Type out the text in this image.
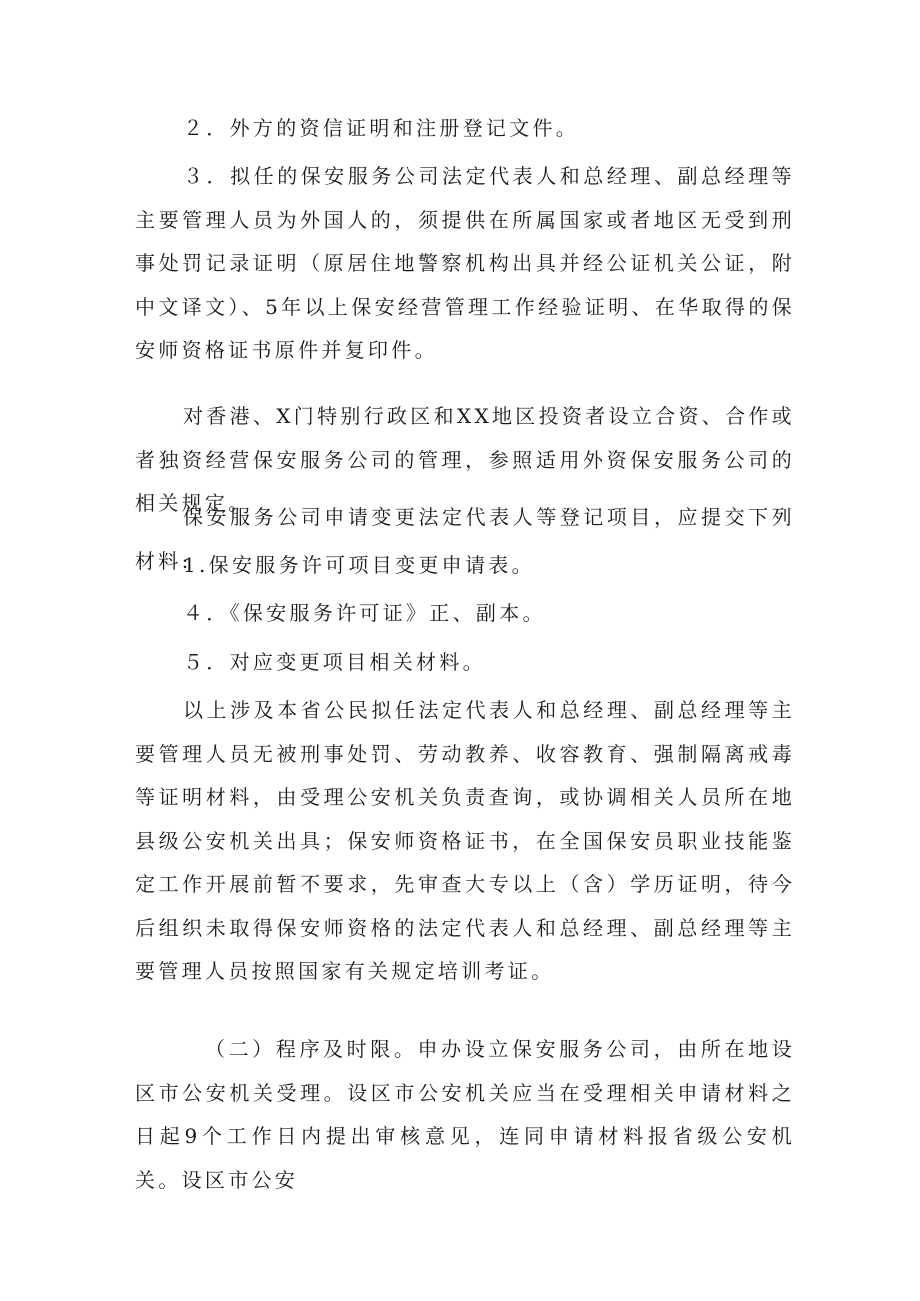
２．外方的资信证明和注册登记文件。

３．拟任的保安服务公司法定代表人和总经理、副总经理等主要管理人员为外国人的，须提供在所属国家或者地区无受到刑事处罚记录证明（原居住地警察机构出具并经公证机关公证，附中文译文）、5年以上保安经营管理工作经验证明、在华取得的保安师资格证书原件并复印件。

对香港、X门特别行政区和XX地区投资者设立合资、合作或者独资经营保安服务公司的管理，参照适用外资保安服务公司的相关规定。

保安服务公司申请变更法定代表人等登记项目，应提交下列材料:

1.保安服务许可项目变更申请表。

４．《保安服务许可证》正、副本。

５．对应变更项目相关材料。

以上涉及本省公民拟任法定代表人和总经理、副总经理等主要管理人员无被刑事处罚、劳动教养、收容教育、强制隔离戒毒等证明材料，由受理公安机关负责查询，或协调相关人员所在地县级公安机关出具；保安师资格证书，在全国保安员职业技能鉴定工作开展前暂不要求，先审查大专以上（含）学历证明，待今后组织未取得保安师资格的法定代表人和总经理、副总经理等主要管理人员按照国家有关规定培训考证。

（二）程序及时限。申办设立保安服务公司，由所在地设区市公安机关受理。设区市公安机关应当在受理相关申请材料之日起9个工作日内提出审核意见，连同申请材料报省级公安机关。设区市公安
